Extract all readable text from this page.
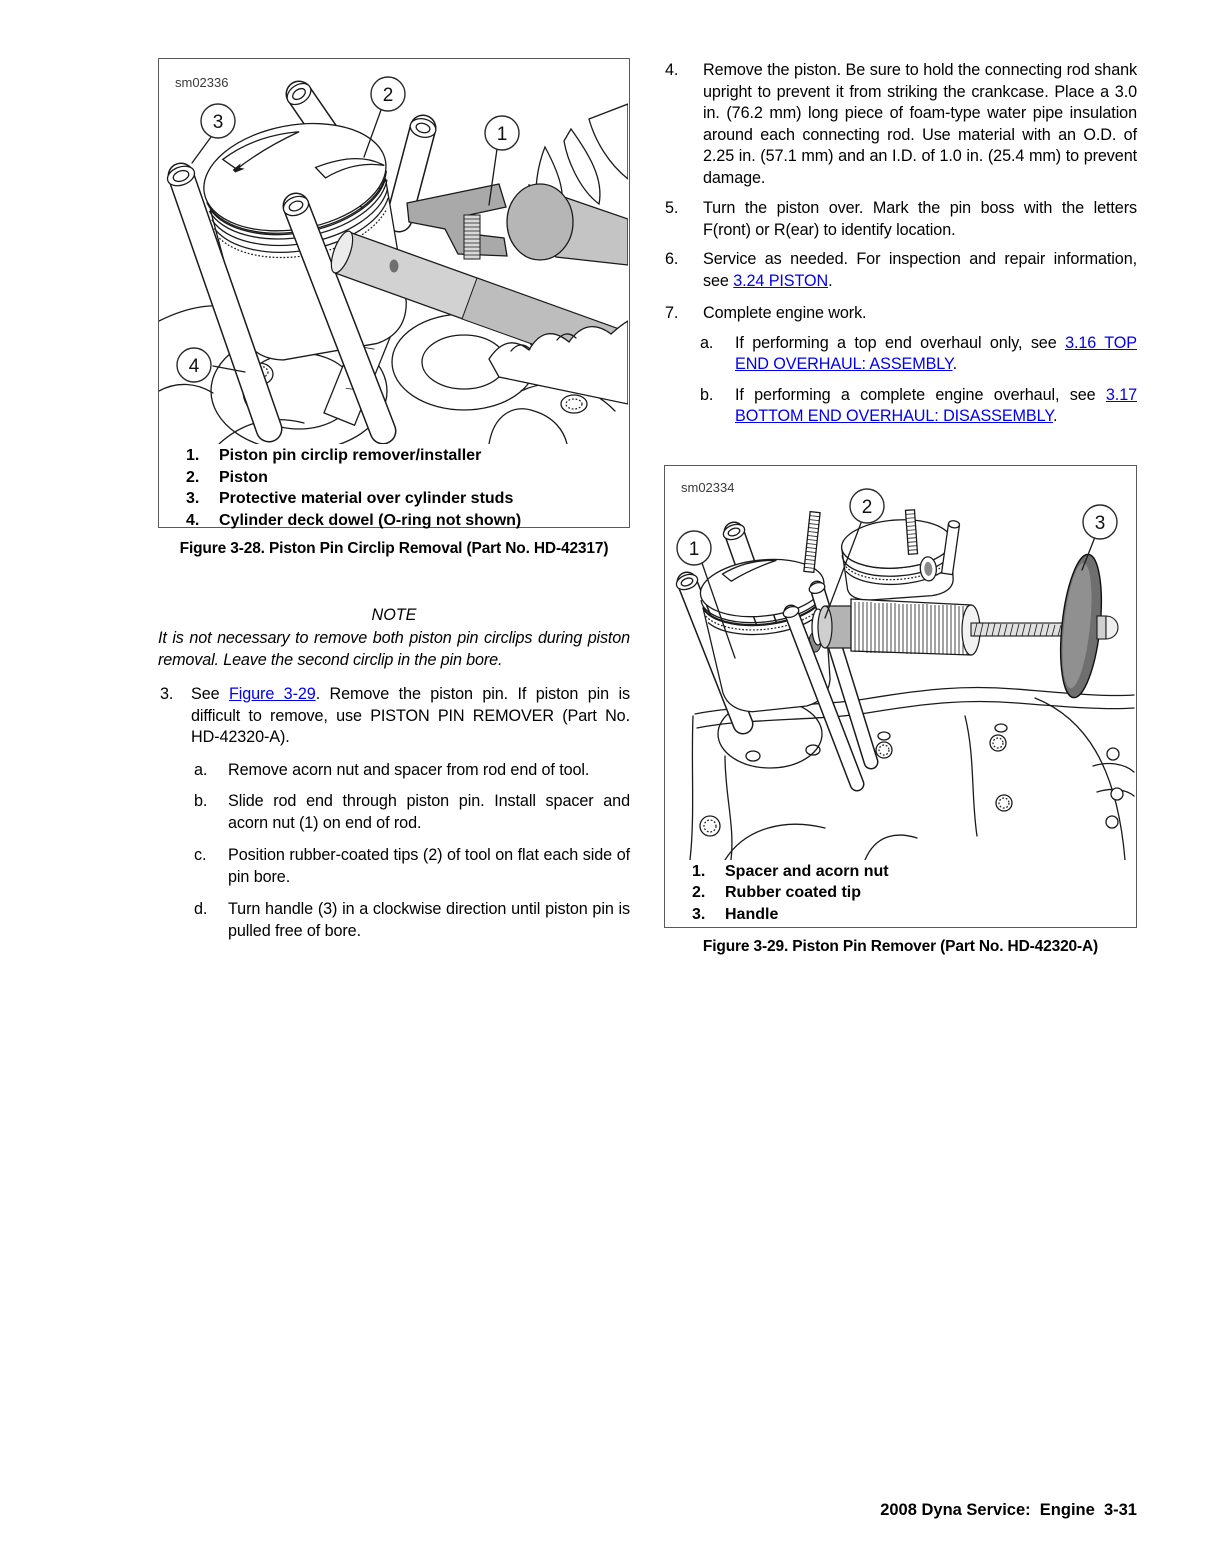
2
3
1
4
sm02336
1.	Piston pin circlip remover/installer
2.	Piston
3.	Protective material over cylinder studs
4.	Cylinder deck dowel (O-ring not shown)
Figure 3-28. Piston Pin Circlip Removal (Part No. HD-42317)
NOTE
It is not necessary to remove both piston pin circlips during piston removal. Leave the second circlip in the pin bore.
3.	See Figure 3-29. Remove the piston pin. If piston pin is difficult to remove, use PISTON PIN REMOVER (Part No. HD-42320-A).
a.	Remove acorn nut and spacer from rod end of tool.
b.	Slide rod end through piston pin. Install spacer and acorn nut (1) on end of rod.
c.	Position rubber-coated tips (2) of tool on flat each side of pin bore.
d.	Turn handle (3) in a clockwise direction until piston pin is pulled free of bore.
4.	Remove the piston. Be sure to hold the connecting rod shank upright to prevent it from striking the crankcase. Place a 3.0 in. (76.2 mm) long piece of foam-type water pipe insulation around each connecting rod. Use material with an O.D. of 2.25 in. (57.1 mm) and an I.D. of 1.0 in. (25.4 mm) to prevent damage.
5.	Turn the piston over. Mark the pin boss with the letters F(ront) or R(ear) to identify location.
6.	Service as needed. For inspection and repair information, see 3.24 PISTON.
7.	Complete engine work.
a.	If performing a top end overhaul only, see 3.16 TOP END OVERHAUL: ASSEMBLY.
b.	If performing a complete engine overhaul, see 3.17 BOTTOM END OVERHAUL: DISASSEMBLY.
1
2
3
sm02334
1.	Spacer and acorn nut
2.	Rubber coated tip
3.	Handle
Figure 3-29. Piston Pin Remover (Part No. HD-42320-A)
2008 Dyna Service:  Engine  3-31
